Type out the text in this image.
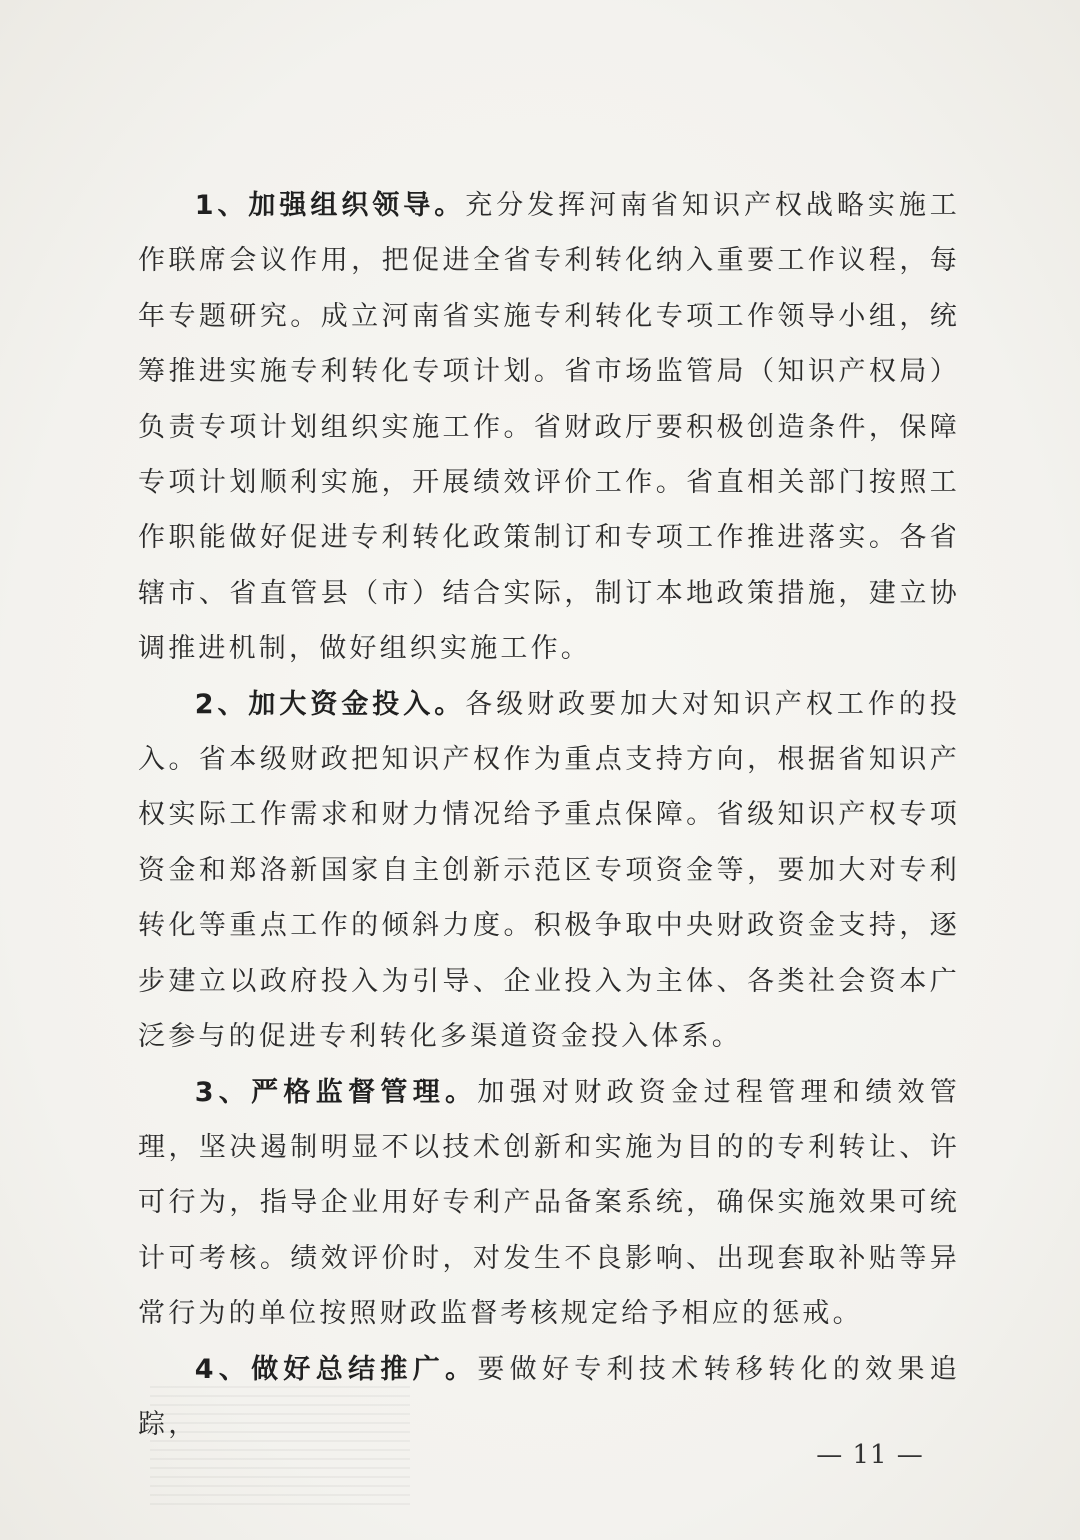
1、加强组织领导。充分发挥河南省知识产权战略实施工作联席会议作用，把促进全省专利转化纳入重要工作议程，每年专题研究。成立河南省实施专利转化专项工作领导小组，统筹推进实施专利转化专项计划。省市场监管局（知识产权局）负责专项计划组织实施工作。省财政厅要积极创造条件，保障专项计划顺利实施，开展绩效评价工作。省直相关部门按照工作职能做好促进专利转化政策制订和专项工作推进落实。各省辖市、省直管县（市）结合实际，制订本地政策措施，建立协调推进机制，做好组织实施工作。

2、加大资金投入。各级财政要加大对知识产权工作的投入。省本级财政把知识产权作为重点支持方向，根据省知识产权实际工作需求和财力情况给予重点保障。省级知识产权专项资金和郑洛新国家自主创新示范区专项资金等，要加大对专利转化等重点工作的倾斜力度。积极争取中央财政资金支持，逐步建立以政府投入为引导、企业投入为主体、各类社会资本广泛参与的促进专利转化多渠道资金投入体系。

3、严格监督管理。加强对财政资金过程管理和绩效管理，坚决遏制明显不以技术创新和实施为目的的专利转让、许可行为，指导企业用好专利产品备案系统，确保实施效果可统计可考核。绩效评价时，对发生不良影响、出现套取补贴等异常行为的单位按照财政监督考核规定给予相应的惩戒。

4、做好总结推广。要做好专利技术转移转化的效果追踪，

— 11 —
